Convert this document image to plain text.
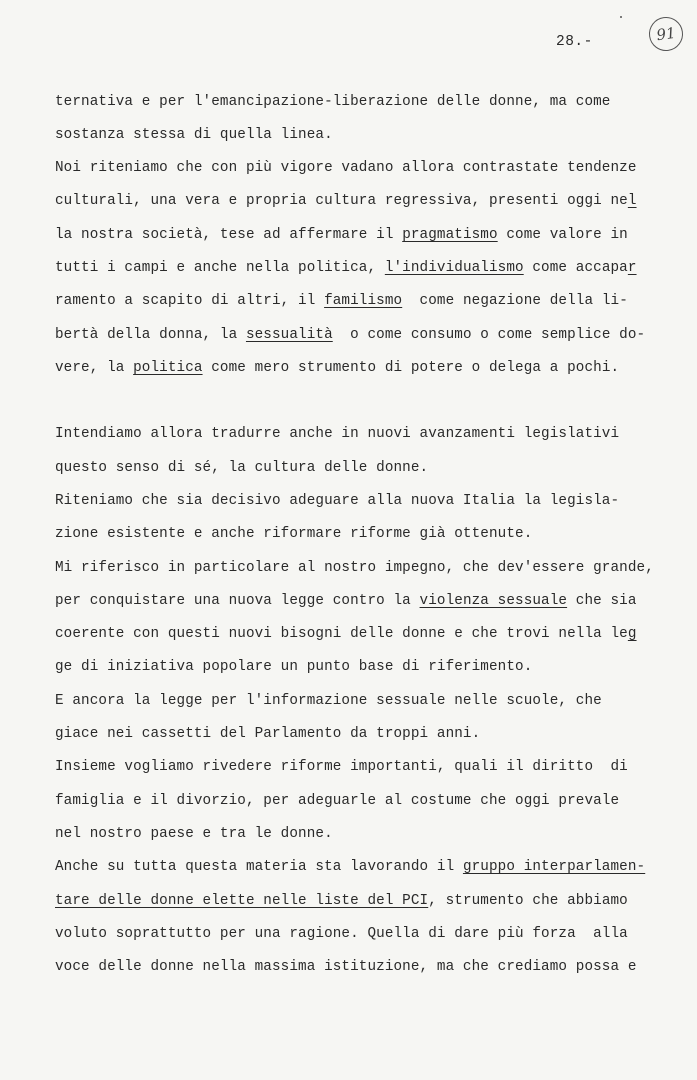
28.-	91
ternativa e per l'emancipazione-liberazione delle donne, ma come
sostanza stessa di quella linea.
Noi riteniamo che con più vigore vadano allora contrastate tendenze
culturali, una vera e propria cultura regressiva, presenti oggi nel
la nostra società, tese ad affermare il pragmatismo come valore in
tutti i campi e anche nella politica, l'individualismo come accapar
ramento a scapito di altri, il familismo  come negazione della li-
bertà della donna, la sessualità  o come consumo o come semplice do-
vere, la politica come mero strumento di potere o delega a pochi.
Intendiamo allora tradurre anche in nuovi avanzamenti legislativi
questo senso di sé, la cultura delle donne.
Riteniamo che sia decisivo adeguare alla nuova Italia la legisla-
zione esistente e anche riformare riforme già ottenute.
Mi riferisco in particolare al nostro impegno, che dev'essere grande,
per conquistare una nuova legge contro la violenza sessuale che sia
coerente con questi nuovi bisogni delle donne e che trovi nella leg
ge di iniziativa popolare un punto base di riferimento.
E ancora la legge per l'informazione sessuale nelle scuole, che
giace nei cassetti del Parlamento da troppi anni.
Insieme vogliamo rivedere riforme importanti, quali il diritto  di
famiglia e il divorzio, per adeguarle al costume che oggi prevale
nel nostro paese e tra le donne.
Anche su tutta questa materia sta lavorando il gruppo interparlamen-
tare delle donne elette nelle liste del PCI, strumento che abbiamo
voluto soprattutto per una ragione. Quella di dare più forza  alla
voce delle donne nella massima istituzione, ma che crediamo possa e
